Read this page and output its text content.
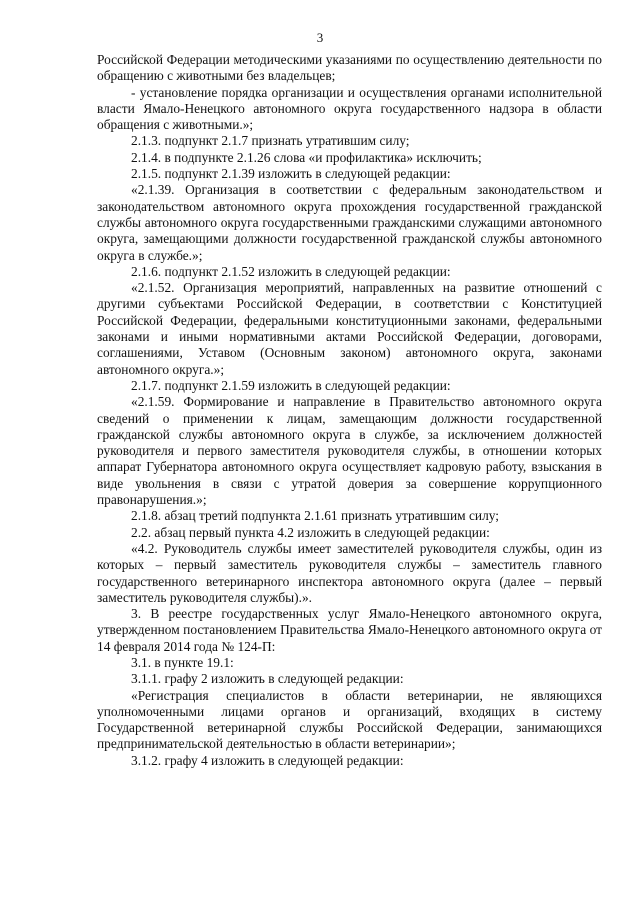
3

Российской Федерации методическими указаниями по осуществлению деятельности по обращению с животными без владельцев;

- установление порядка организации и осуществления органами исполнительной власти Ямало-Ненецкого автономного округа государственного надзора в области обращения с животными.»;

2.1.3. подпункт 2.1.7 признать утратившим силу;

2.1.4. в подпункте 2.1.26 слова «и профилактика» исключить;

2.1.5. подпункт 2.1.39 изложить в следующей редакции:

«2.1.39. Организация в соответствии с федеральным законодательством и законодательством автономного округа прохождения государственной гражданской службы автономного округа государственными гражданскими служащими автономного округа, замещающими должности государственной гражданской службы автономного округа в службе.»;

2.1.6. подпункт 2.1.52 изложить в следующей редакции:

«2.1.52. Организация мероприятий, направленных на развитие отношений с другими субъектами Российской Федерации, в соответствии с Конституцией Российской Федерации, федеральными конституционными законами, федеральными законами и иными нормативными актами Российской Федерации, договорами, соглашениями, Уставом (Основным законом) автономного округа, законами автономного округа.»;

2.1.7. подпункт 2.1.59 изложить в следующей редакции:

«2.1.59. Формирование и направление в Правительство автономного округа сведений о применении к лицам, замещающим должности государственной гражданской службы автономного округа в службе, за исключением должностей руководителя и первого заместителя руководителя службы, в отношении которых аппарат Губернатора автономного округа осуществляет кадровую работу, взыскания в виде увольнения в связи с утратой доверия за совершение коррупционного правонарушения.»;

2.1.8. абзац третий подпункта 2.1.61 признать утратившим силу;

2.2. абзац первый пункта 4.2 изложить в следующей редакции:

«4.2. Руководитель службы имеет заместителей руководителя службы, один из которых – первый заместитель руководителя службы – заместитель главного государственного ветеринарного инспектора автономного округа (далее – первый заместитель руководителя службы).».

3. В реестре государственных услуг Ямало-Ненецкого автономного округа, утвержденном постановлением Правительства Ямало-Ненецкого автономного округа от 14 февраля 2014 года № 124-П:

3.1. в пункте 19.1:

3.1.1. графу 2 изложить в следующей редакции:

«Регистрация специалистов в области ветеринарии, не являющихся уполномоченными лицами органов и организаций, входящих в систему Государственной ветеринарной службы Российской Федерации, занимающихся предпринимательской деятельностью в области ветеринарии»;

3.1.2. графу 4 изложить в следующей редакции:
